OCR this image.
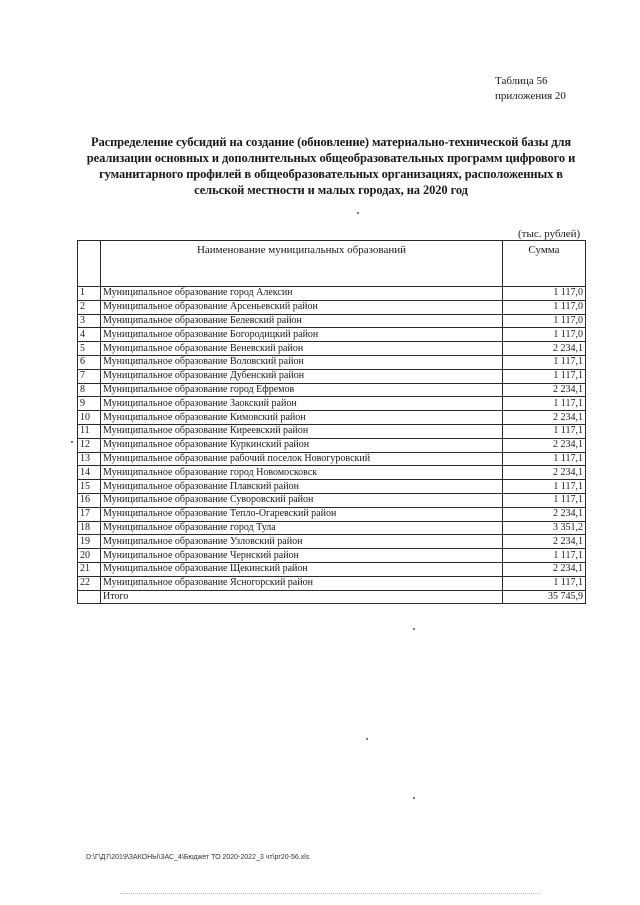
Таблица 56
приложения 20
Распределение субсидий на создание (обновление) материально-технической базы для реализации основных и дополнительных общеобразовательных программ цифрового и гуманитарного профилей в общеобразовательных организациях, расположенных в сельской местности и малых городах, на 2020 год
(тыс. рублей)
	Наименование муниципальных образований	Сумма
1	Муниципальное образование город Алексин	1 117,0
2	Муниципальное образование Арсеньевский район	1 117,0
3	Муниципальное образование Белевский район	1 117,0
4	Муниципальное образование Богородицкий район	1 117,0
5	Муниципальное образование Веневский район	2 234,1
6	Муниципальное образование Воловский район	1 117,1
7	Муниципальное образование Дубенский район	1 117,1
8	Муниципальное образование город Ефремов	2 234,1
9	Муниципальное образование Заокский район	1 117,1
10	Муниципальное образование Кимовский район	2 234,1
11	Муниципальное образование Киреевский район	1 117,1
12	Муниципальное образование Куркинский район	2 234,1
13	Муниципальное образование рабочий поселок Новогуровский	1 117,1
14	Муниципальное образование город Новомосковск	2 234,1
15	Муниципальное образование Плавский район	1 117,1
16	Муниципальное образование Суворовский район	1 117,1
17	Муниципальное образование Тепло-Огаревский район	2 234,1
18	Муниципальное образование город Тула	3 351,2
19	Муниципальное образование Узловский район	2 234,1
20	Муниципальное образование Чернский район	1 117,1
21	Муниципальное образование Щекинский район	2 234,1
22	Муниципальное образование Ясногорский район	1 117,1
	Итого	35 745,9
D:\Г\Д7\2019\ЗАКОНЫ\ЗАС_4\Бюджет ТО 2020-2022_3 чт\рг20-56.xls
